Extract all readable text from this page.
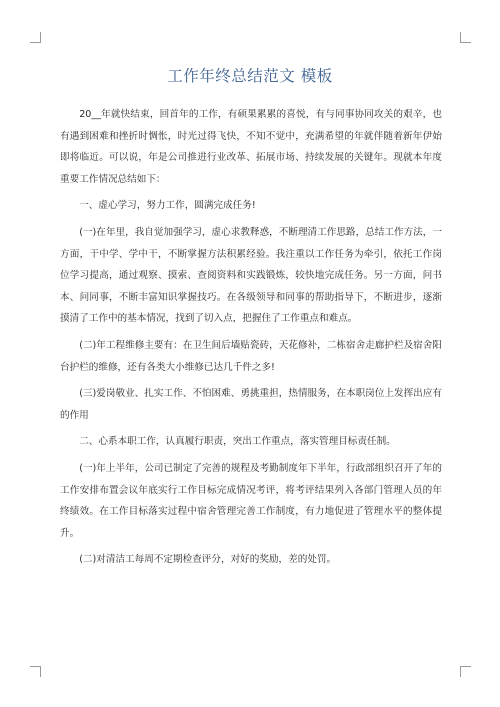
工作年终总结范文 模板

20__年就快结束，回首年的工作，有硕果累累的喜悦，有与同事协同攻关的艰辛，也有遇到困难和挫折时惆怅，时光过得飞快，不知不觉中，充满希望的年就伴随着新年伊始即将临近。可以说，年是公司推进行业改革、拓展市场、持续发展的关键年。现就本年度重要工作情况总结如下：

一、虚心学习，努力工作，圆满完成任务!

(一)在年里，我自觉加强学习，虚心求教释惑，不断理清工作思路，总结工作方法，一方面，干中学、学中干，不断掌握方法积累经验。我注重以工作任务为牵引，依托工作岗位学习提高，通过观察、摸索、查阅资料和实践锻炼，较快地完成任务。另一方面，问书本、问同事，不断丰富知识掌握技巧。在各级领导和同事的帮助指导下，不断进步，逐渐摸清了工作中的基本情况，找到了切入点，把握住了工作重点和难点。

(二)年工程维修主要有：在卫生间后墙贴瓷砖，天花修补，二栋宿舍走廊护栏及宿舍阳台护栏的维修，还有各类大小维修已达几千件之多!

(三)爱岗敬业、扎实工作、不怕困难、勇挑重担，热情服务，在本职岗位上发挥出应有的作用

二、心系本职工作，认真履行职责，突出工作重点，落实管理目标责任制。

(一)年上半年，公司已制定了完善的规程及考勤制度年下半年，行政部组织召开了年的工作安排布置会议年底实行工作目标完成情况考评，将考评结果列入各部门管理人员的年终绩效。在工作目标落实过程中宿舍管理完善工作制度，有力地促进了管理水平的整体提升。

(二)对清洁工每周不定期检查评分，对好的奖励，差的处罚。
